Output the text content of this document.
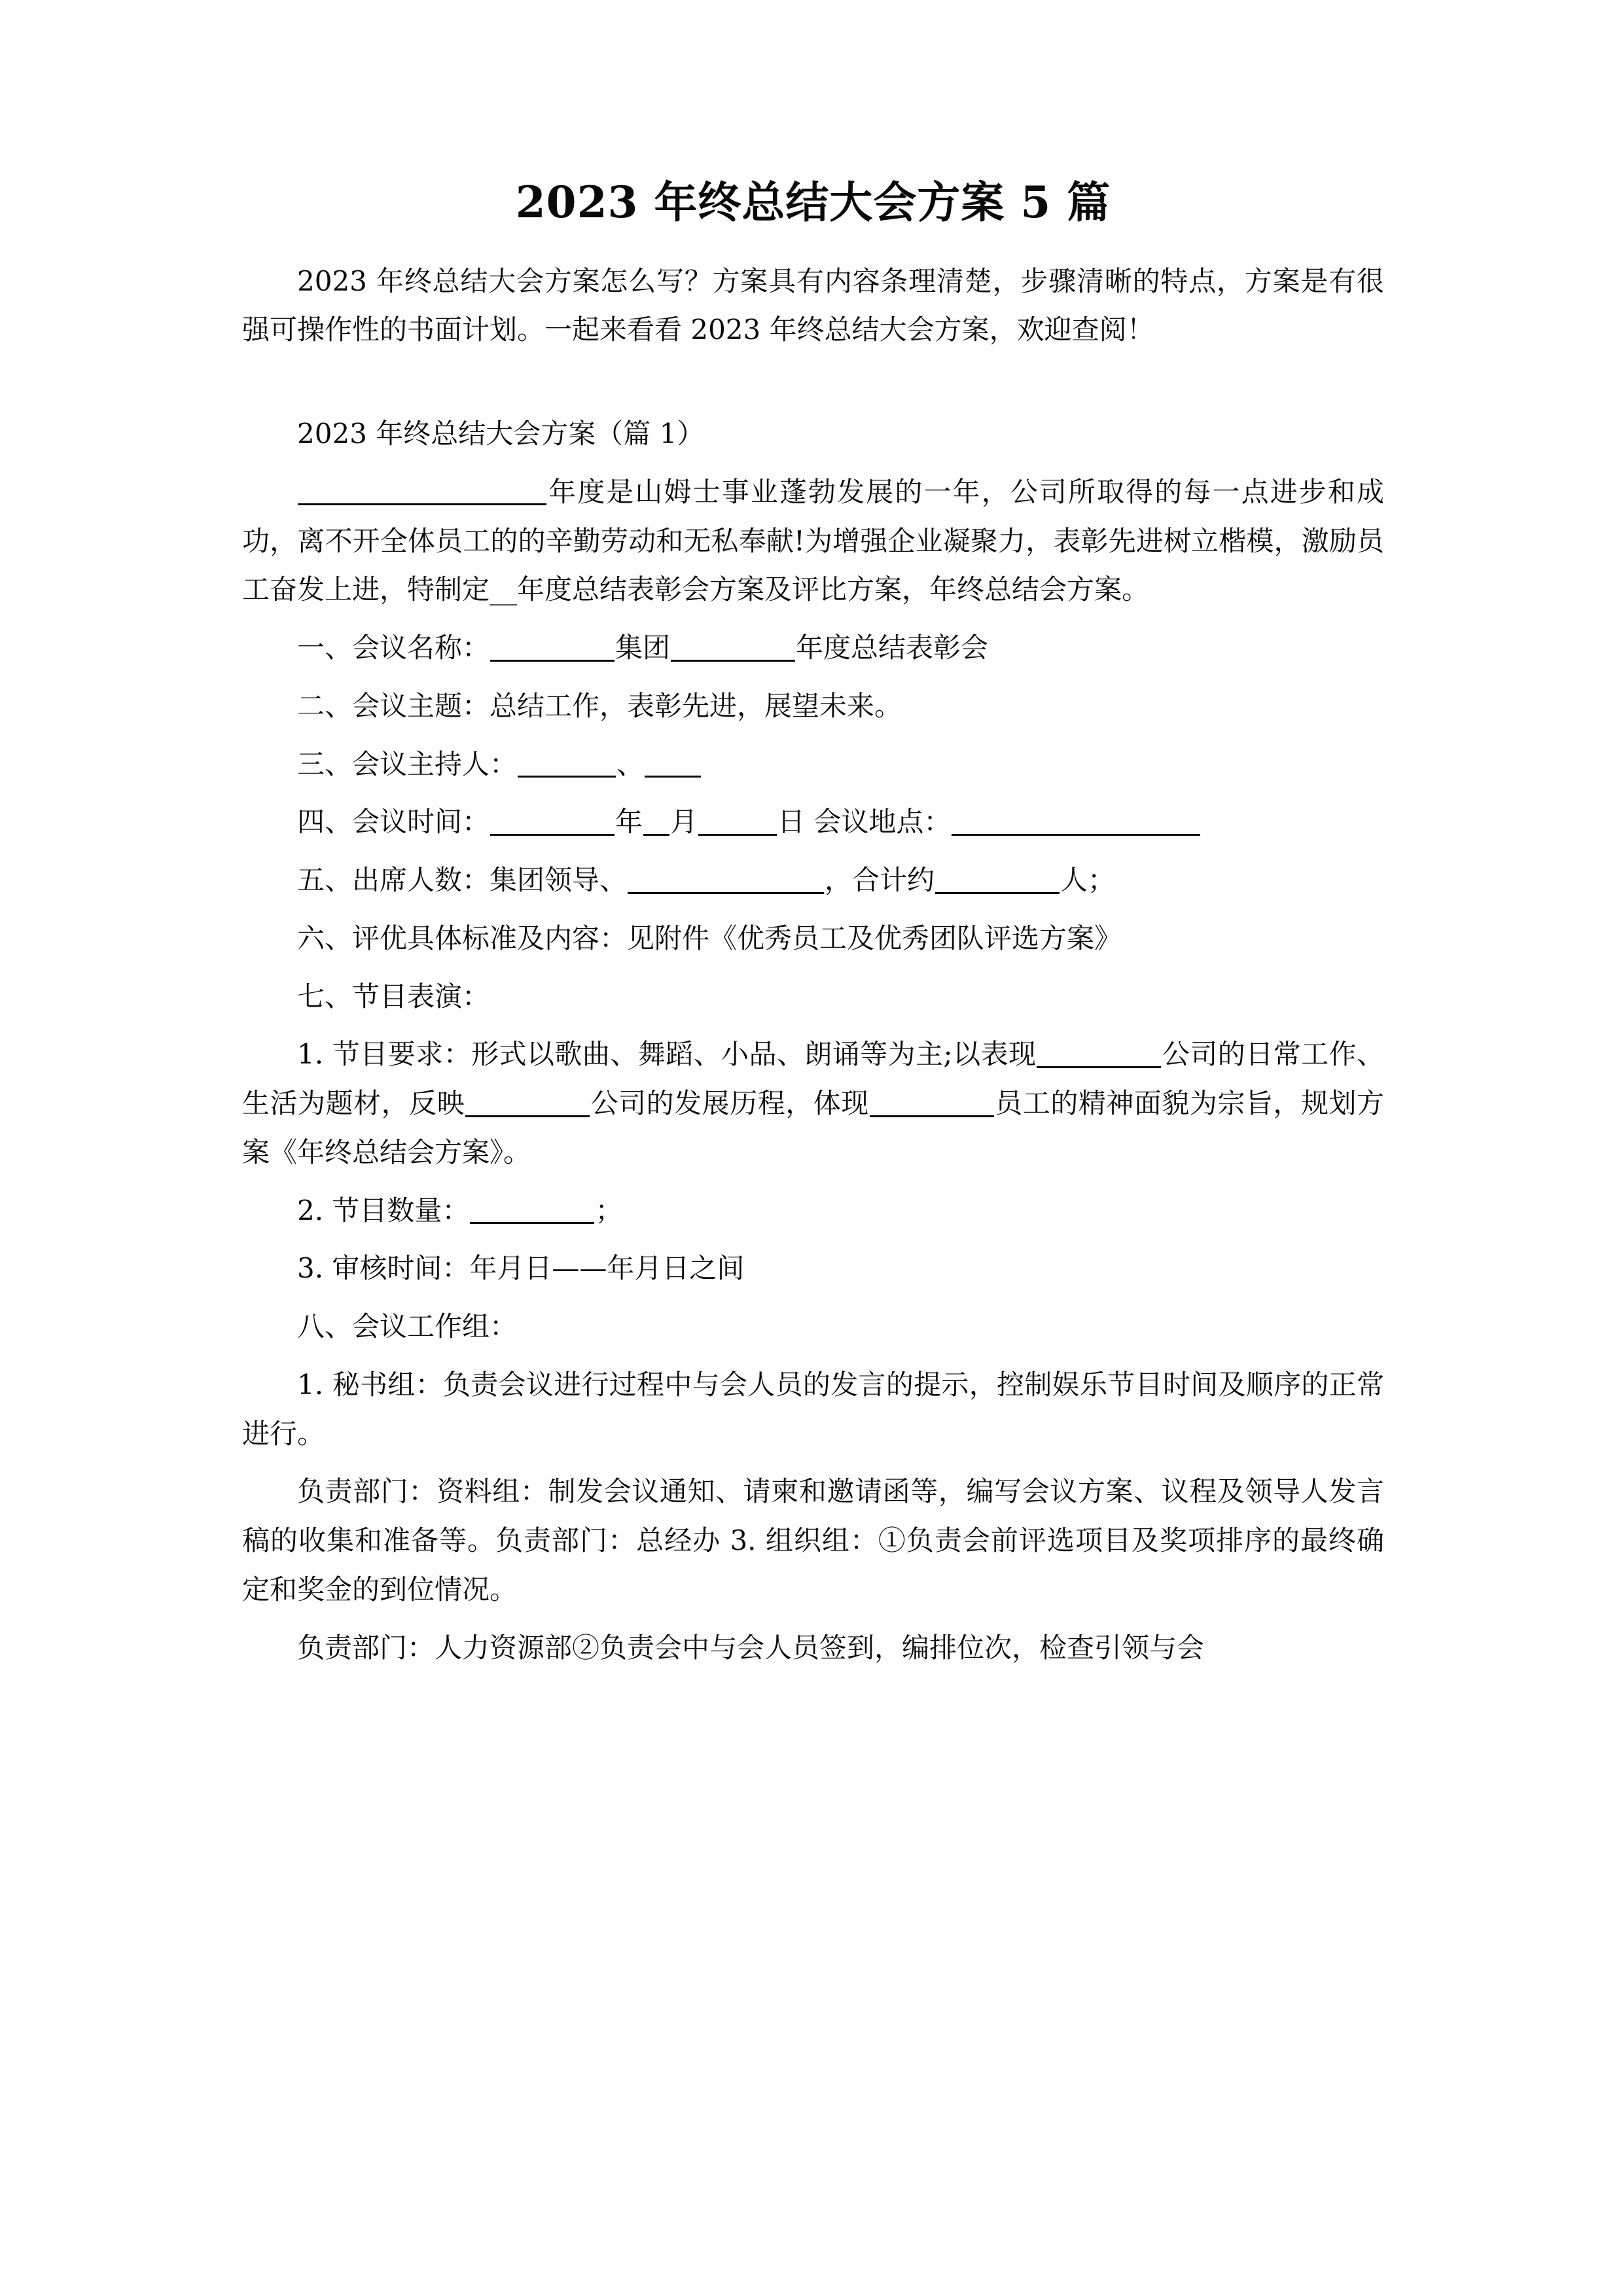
2023 年终总结大会方案 5 篇

2023 年终总结大会方案怎么写？方案具有内容条理清楚，步骤清晰的特点，方案是有很强可操作性的书面计划。一起来看看 2023 年终总结大会方案，欢迎查阅！

2023 年终总结大会方案（篇 1）

年度是山姆士事业蓬勃发展的一年，公司所取得的每一点进步和成功，离不开全体员工的的辛勤劳动和无私奉献!为增强企业凝聚力，表彰先进树立楷模，激励员工奋发上进，特制定__年度总结表彰会方案及评比方案，年终总结会方案。

一、会议名称：	集团	年度总结表彰会

二、会议主题：总结工作，表彰先进，展望未来。

三、会议主持人：	、

四、会议时间：	年 月	日 会议地点：

五、出席人数：集团领导、	，合计约	人；

六、评优具体标准及内容：见附件《优秀员工及优秀团队评选方案》

七、节目表演：

1. 节目要求：形式以歌曲、舞蹈、小品、朗诵等为主;以表现	公司的日常工作、生活为题材，反映	公司的发展历程，体现	员工的精神面貌为宗旨，规划方案《年终总结会方案》。

2. 节目数量：	；

3. 审核时间：年月日——年月日之间

八、会议工作组：

1. 秘书组：负责会议进行过程中与会人员的发言的提示，控制娱乐节目时间及顺序的正常进行。

负责部门：资料组：制发会议通知、请柬和邀请函等，编写会议方案、议程及领导人发言稿的收集和准备等。负责部门：总经办 3. 组织组：①负责会前评选项目及奖项排序的最终确定和奖金的到位情况。

负责部门：人力资源部②负责会中与会人员签到，编排位次，检查引领与会
